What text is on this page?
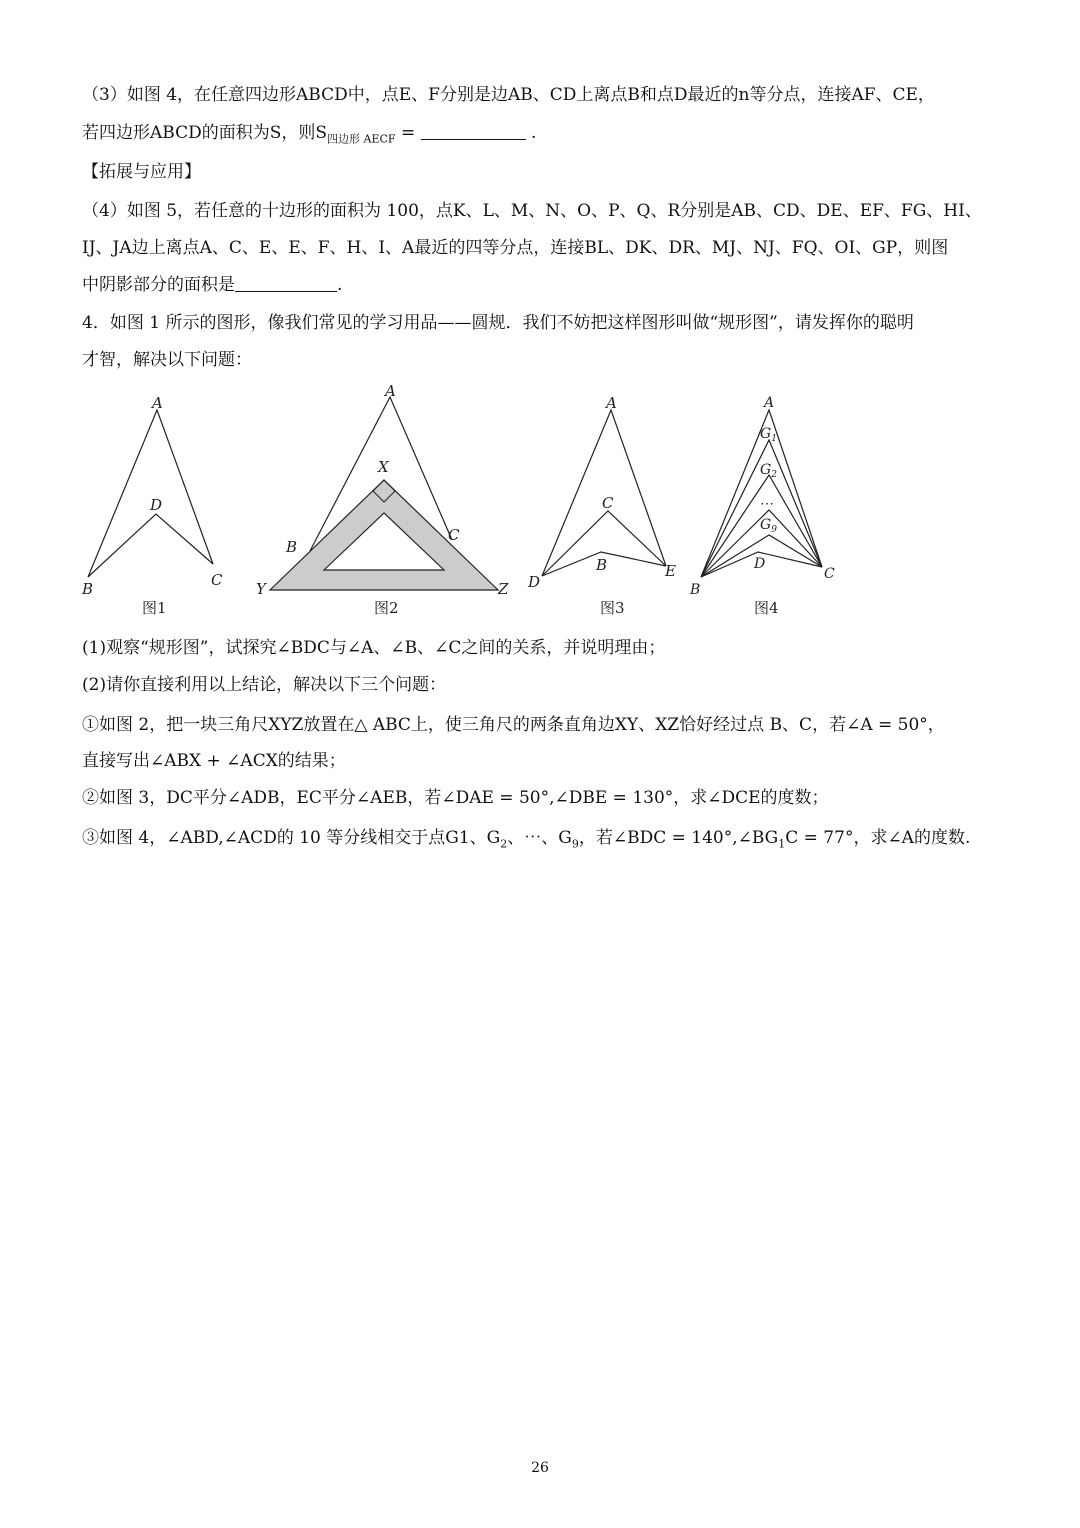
（3）如图 4，在任意四边形ABCD中，点E、F分别是边AB、CD上离点B和点D最近的n等分点，连接AF、CE，
若四边形ABCD的面积为S，则$S_{四边形 AECF}$ =	.
【拓展与应用】
（4）如图 5，若任意的十边形的面积为 100，点K、L、M、N、O、P、Q、R分别是AB、CD、DE、EF、FG、HI、
IJ、JA边上离点A、C、E、E、F、H、I、A最近的四等分点，连接BL、DK、DR、MJ、NJ、FQ、OI、GP，则图
中阴影部分的面积是	.
4．如图 1 所示的图形，像我们常见的学习用品——圆规．我们不妨把这样图形叫做“规形图”，请发挥你的聪明
才智，解决以下问题：
A
D
B	C
图1
A
X
B
C
Y	Z
图2
A
C
B
D
E
图3
A
$G_1$
$G_2$
⋯
$G_9$
D
B
C
图4
(1)观察“规形图”，试探究∠BDC与∠A、∠B、∠C之间的关系，并说明理由；
(2)请你直接利用以上结论，解决以下三个问题：
①如图 2，把一块三角尺XYZ放置在△ ABC上，使三角尺的两条直角边XY、XZ恰好经过点 B、C，若∠A = 50°，
直接写出∠ABX + ∠ACX的结果；
②如图 3，DC平分∠ADB，EC平分∠AEB，若∠DAE = 50°,∠DBE = 130°，求∠DCE的度数；
③如图 4，∠ABD,∠ACD的 10 等分线相交于点G1、$G_2$、⋯、$G_9$，若∠BDC = $140^\circ,\angle BG_1C = 77^\circ$，求∠A的度数.
26
